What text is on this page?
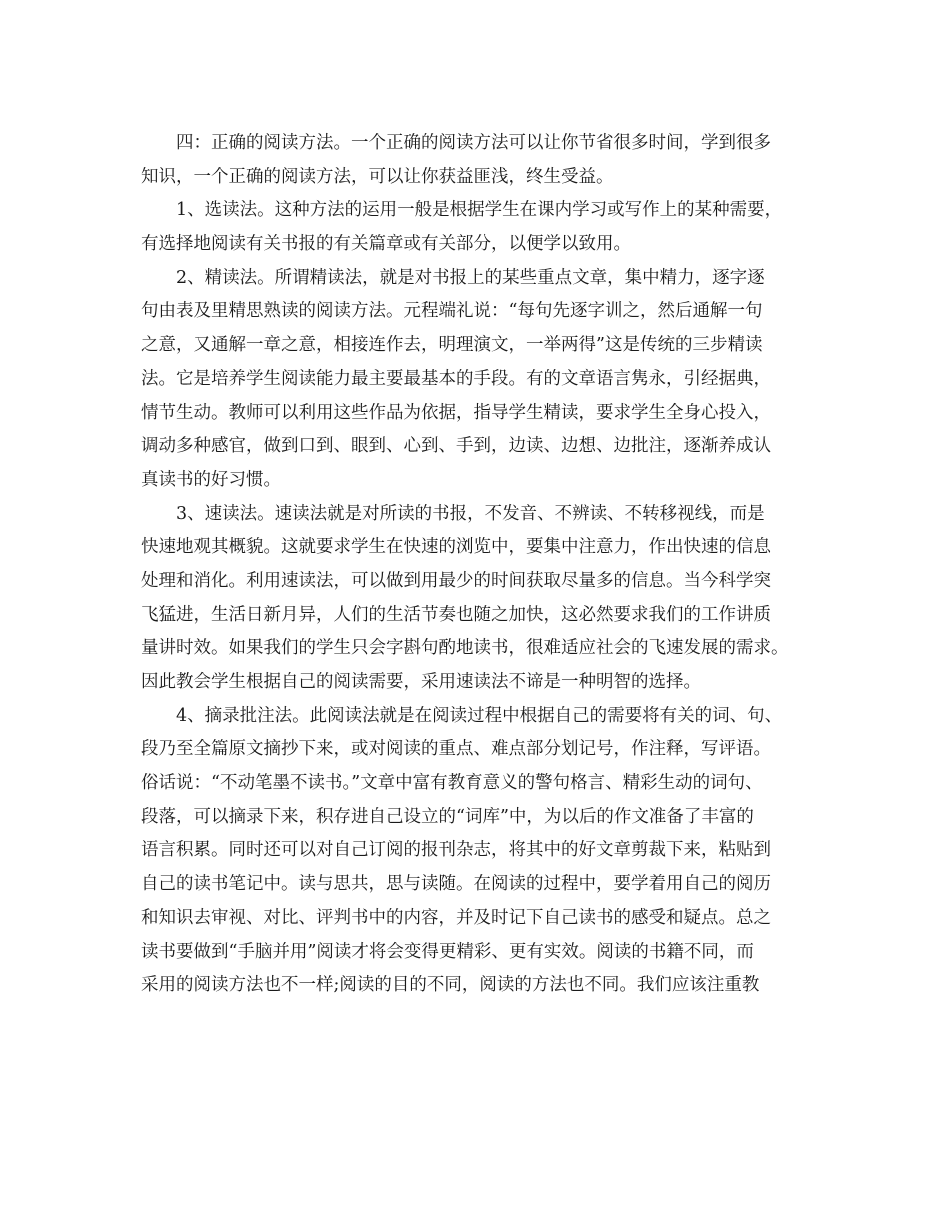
四：正确的阅读方法。一个正确的阅读方法可以让你节省很多时间，学到很多
知识，一个正确的阅读方法，可以让你获益匪浅，终生受益。
1、选读法。这种方法的运用一般是根据学生在课内学习或写作上的某种需要，
有选择地阅读有关书报的有关篇章或有关部分，以便学以致用。
2、精读法。所谓精读法，就是对书报上的某些重点文章，集中精力，逐字逐
句由表及里精思熟读的阅读方法。元程端礼说：“每句先逐字训之，然后通解一句
之意，又通解一章之意，相接连作去，明理演文，一举两得”这是传统的三步精读
法。它是培养学生阅读能力最主要最基本的手段。有的文章语言隽永，引经据典，
情节生动。教师可以利用这些作品为依据，指导学生精读，要求学生全身心投入，
调动多种感官，做到口到、眼到、心到、手到，边读、边想、边批注，逐渐养成认
真读书的好习惯。
3、速读法。速读法就是对所读的书报，不发音、不辨读、不转移视线，而是
快速地观其概貌。这就要求学生在快速的浏览中，要集中注意力，作出快速的信息
处理和消化。利用速读法，可以做到用最少的时间获取尽量多的信息。当今科学突
飞猛进，生活日新月异，人们的生活节奏也随之加快，这必然要求我们的工作讲质
量讲时效。如果我们的学生只会字斟句酌地读书，很难适应社会的飞速发展的需求。
因此教会学生根据自己的阅读需要，采用速读法不谛是一种明智的选择。
4、摘录批注法。此阅读法就是在阅读过程中根据自己的需要将有关的词、句、
段乃至全篇原文摘抄下来，或对阅读的重点、难点部分划记号，作注释，写评语。
俗话说：“不动笔墨不读书。”文章中富有教育意义的警句格言、精彩生动的词句、
段落，可以摘录下来，积存进自己设立的“词库”中，为以后的作文准备了丰富的
语言积累。同时还可以对自己订阅的报刊杂志，将其中的好文章剪裁下来，粘贴到
自己的读书笔记中。读与思共，思与读随。在阅读的过程中，要学着用自己的阅历
和知识去审视、对比、评判书中的内容，并及时记下自己读书的感受和疑点。总之
读书要做到“手脑并用”阅读才将会变得更精彩、更有实效。阅读的书籍不同，而
采用的阅读方法也不一样;阅读的目的不同，阅读的方法也不同。我们应该注重教
